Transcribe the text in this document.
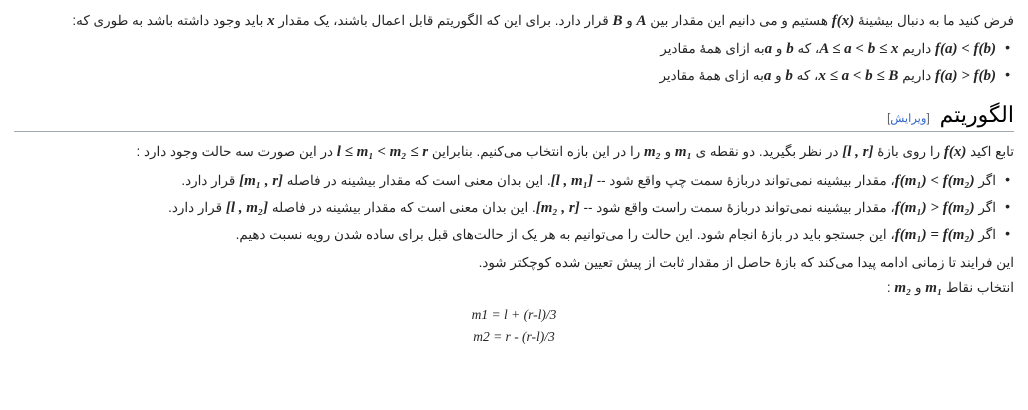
فرض کنید ما به دنبال بیشینهٔ f(x) هستیم و می دانیم این مقدار بین A و B قرار دارد. برای این که الگوریتم قابل اعمال باشند، یک مقدار x باید وجود داشته باشد به طوری که:

• f(a) < f(b) داریم A ≤ a < b ≤ x، که b و aبه ازای همهٔ مقادیر
• f(a) > f(b) داریم x ≤ a < b ≤ B، که b و aبه ازای همهٔ مقادیر
الگوریتم
[ویرایش]

تابع اکید f(x) را روی بازهٔ [l , r] در نظر بگیرید. دو نقطه ی m₁ و m₂ را در این بازه انتخاب می‌کنیم. بنابراین l ≤ m₁ < m₂ ≤ r در این صورت سه حالت وجود دارد :

• اگر f(m₁) < f(m₂)، مقدار بیشینه نمی‌تواند دربازهٔ سمت چپ واقع شود -- [l , m₁]. این بدان معنی است که مقدار بیشینه در فاصله [m₁ , r] قرار دارد.
• اگر f(m₁) > f(m₂)، مقدار بیشینه نمی‌تواند دربازهٔ سمت راست واقع شود -- [m₂ , r]. این بدان معنی است که مقدار بیشینه در فاصله [l , m₂] قرار دارد.
• اگر f(m₁) = f(m₂)، این جستجو باید در بازهٔ انجام شود. این حالت را می‌توانیم به هر یک از حالت‌های قبل برای ساده شدن رویه نسبت دهیم.

این فرایند تا زمانی ادامه پیدا می‌کند که بازهٔ حاصل از مقدار ثابت از پیش تعیین شده کوچکتر شود.

انتخاب نقاط m₁ و m₂ :

m1 = l + (r-l)/3
m2 = r - (r-l)/3
